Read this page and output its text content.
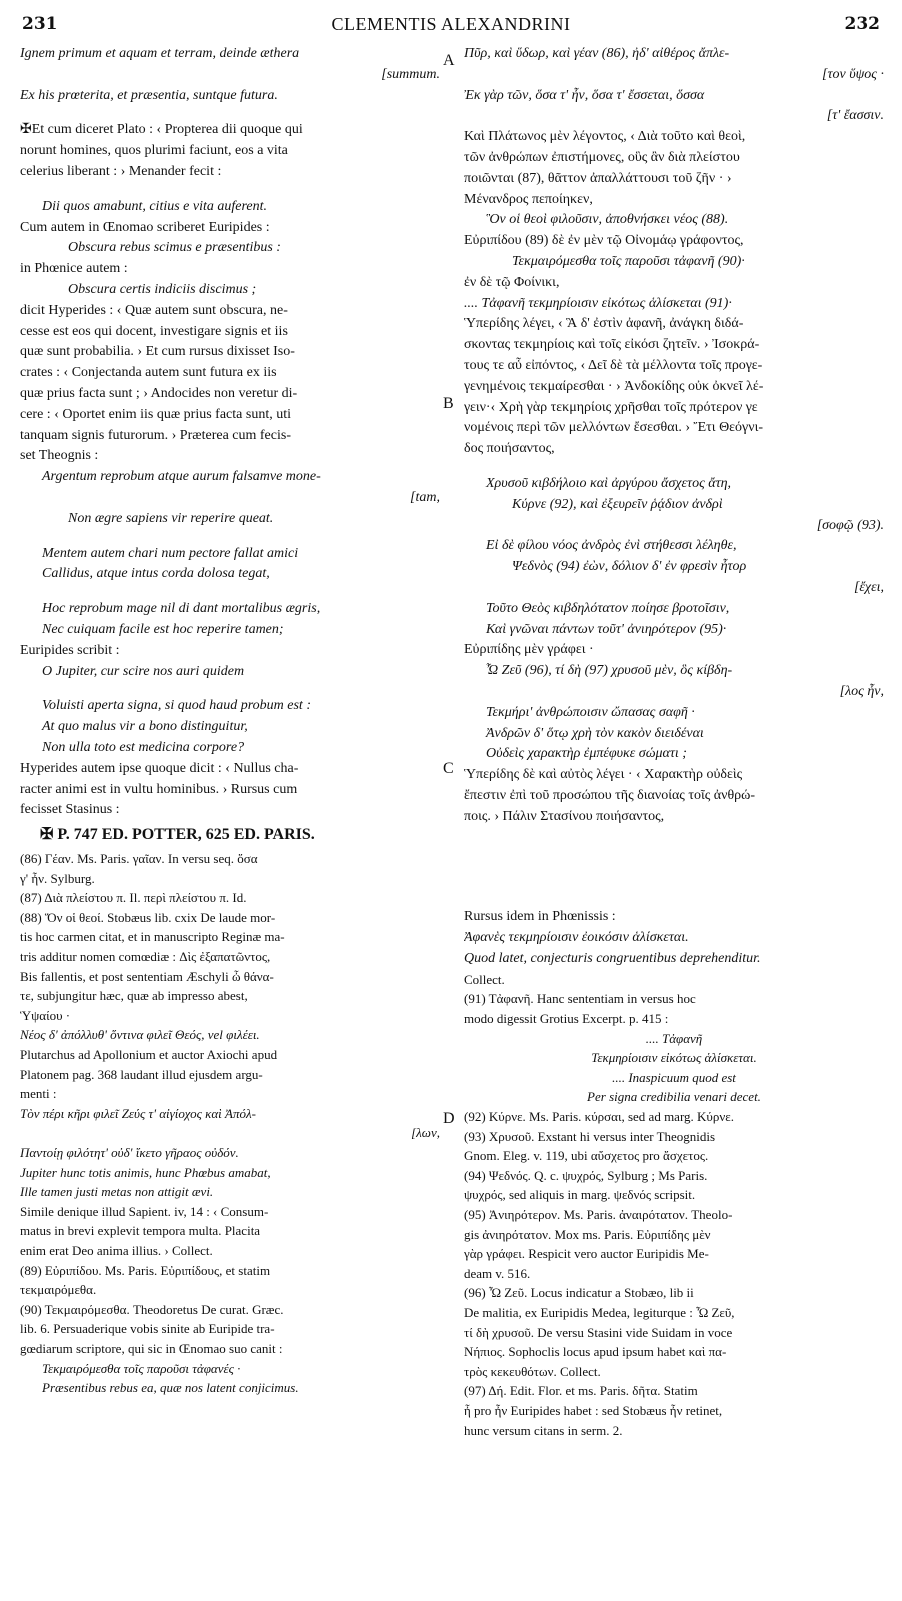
231	CLEMENTIS ALEXANDRINI	232
A
B
C
D
Ignem primum et aquam et terram, deinde æthera
[summum.
Ex his prœterita, et præsentia, suntque futura.
✠Et cum diceret Plato : ‹ Propterea dii quoque qui
norunt homines, quos plurimi faciunt, eos a vita
celerius liberant : › Menander fecit :
Dii quos amabunt, citius e vita auferent.
Cum autem in Œnomao scriberet Euripides :
Obscura rebus scimus e præsentibus :
in Phœnice autem :
Obscura certis indiciis discimus ;
dicit Hyperides : ‹ Quæ autem sunt obscura, ne-
cesse est eos qui docent, investigare signis et iis
quæ sunt probabilia. › Et cum rursus dixisset Iso-
crates : ‹ Conjectanda autem sunt futura ex iis
quæ prius facta sunt ; › Andocides non veretur di-
cere : ‹ Oportet enim iis quæ prius facta sunt, uti
tanquam signis futurorum. › Præterea cum fecis-
set Theognis :
Argentum reprobum atque aurum falsamve mone-
[tam,
Non ægre sapiens vir reperire queat.
Mentem autem chari num pectore fallat amici
Callidus, atque intus corda dolosa tegat,
Hoc reprobum mage nil di dant mortalibus ægris,
Nec cuiquam facile est hoc reperire tamen;
Euripides scribit :
O Jupiter, cur scire nos auri quidem
Voluisti aperta signa, si quod haud probum est :
At quo malus vir a bono distinguitur,
Non ulla toto est medicina corpore?
Hyperides autem ipse quoque dicit : ‹ Nullus cha-
racter animi est in vultu hominibus. › Rursus cum
fecisset Stasinus :
✠ P. 747 ED. POTTER, 625 ED. PARIS.
(86) Γέαν. Ms. Paris. γαῖαν. In versu seq. ὅσα
γ' ἦν. Sylburg.
(87) Διὰ πλείστου π. Il. περὶ πλείστου π. Id.
(88) Ὅν οἱ θεοί. Stobæus lib. cxix De laude mor-
tis hoc carmen citat, et in manuscripto Reginæ ma-
tris additur nomen comœdiæ : Δὶς ἐξαπατῶντος,
Bis fallentis, et post sententiam Æschyli ὦ θάνα-
τε, subjungitur hæc, quæ ab impresso abest,
Ὑψαίου ·
Νέος δ' ἀπόλλυθ' ὅντινα φιλεῖ Θεός, vel φιλέει.
Plutarchus ad Apollonium et auctor Axiochi apud
Platonem pag. 368 laudant illud ejusdem argu-
menti :
Τὸν πέρι κῆρι φιλεῖ Ζεύς τ' αἰγίοχος καὶ Ἀπόλ-
[λων,
Παντοίῃ φιλότητ' οὐδ' ἵκετο γῆραος οὐδόν.
Jupiter hunc totis animis, hunc Phœbus amabat,
Ille tamen justi metas non attigit ævi.
Simile denique illud Sapient. iv, 14 : ‹ Consum-
matus in brevi explevit tempora multa. Placita
enim erat Deo anima illius. › Collect.
(89) Εὐριπίδου. Ms. Paris. Εὐριπίδους, et statim
τεκμαιρόμεθα.
(90) Τεκμαιρόμεσθα. Theodoretus De curat. Græc.
lib. 6. Persuaderique vobis sinite ab Euripide tra-
gœdiarum scriptore, qui sic in Œnomao suo canit :
Τεκμαιρόμεσθα τοῖς παροῦσι τἀφανές ·
Præsentibus rebus ea, quæ nos latent conjicimus.
Πῦρ, καὶ ὕδωρ, καὶ γέαν (86), ἠδ' αἰθέρος ἄπλε-
[τον ὕψος ·
Ἐκ γὰρ τῶν, ὅσα τ' ἦν, ὅσα τ' ἔσσεται, ὅσσα
[τ' ἔασσιν.
Καὶ Πλάτωνος μὲν λέγοντος, ‹ Διὰ τοῦτο καὶ θεοὶ,
τῶν ἀνθρώπων ἐπιστήμονες, οὓς ἂν διὰ πλείστου
ποιῶνται (87), θᾶττον ἀπαλλάττουσι τοῦ ζῆν · ›
Μένανδρος πεποίηκεν,
Ὃν οἱ θεοὶ φιλοῦσιν, ἀποθνήσκει νέος (88).
Εὐριπίδου (89) δὲ ἐν μὲν τῷ Οἰνομάῳ γράφοντος,
Τεκμαιρόμεσθα τοῖς παροῦσι τἀφανῆ (90)·
ἐν δὲ τῷ Φοίνικι,
.... Τἀφανῆ τεκμηρίοισιν εἰκότως ἁλίσκεται (91)·
Ὑπερίδης λέγει, ‹ Ἃ δ' ἐστὶν ἀφανῆ, ἀνάγκη διδά-
σκοντας τεκμηρίοις καὶ τοῖς εἰκόσι ζητεῖν. › Ἰσοκρά-
τους τε αὖ εἰπόντος, ‹ Δεῖ δὲ τὰ μέλλοντα τοῖς προγε-
γενημένοις τεκμαίρεσθαι · › Ἀνδοκίδης οὐκ ὀκνεῖ λέ-
γειν·‹ Χρὴ γὰρ τεκμηρίοις χρῆσθαι τοῖς πρότερον γε
νομένοις περὶ τῶν μελλόντων ἔσεσθαι. › Ἔτι Θεόγνι-
δος ποιήσαντος,
Χρυσοῦ κιβδήλοιο καὶ ἀργύρου ἄσχετος ἄτη,
Κύρνε (92), καὶ ἐξευρεῖν ῥᾴδιον ἀνδρὶ
[σοφῷ (93).
Εἰ δὲ φίλου νόος ἀνδρὸς ἐνὶ στήθεσσι λέληθε,
Ψεδνὸς (94) ἐὼν, δόλιον δ' ἐν φρεσὶν ἦτορ
[ἔχει,
Τοῦτο Θεὸς κιβδηλότατον ποίησε βροτοῖσιν,
Καὶ γνῶναι πάντων τοῦτ' ἀνιηρότερον (95)·
Εὐριπίδης μὲν γράφει ·
Ὦ Ζεῦ (96), τί δὴ (97) χρυσοῦ μὲν, ὃς κίβδη-
[λος ἦν,
Τεκμήρι' ἀνθρώποισιν ὤπασας σαφῆ ·
Ἀνδρῶν δ' ὅτῳ χρὴ τὸν κακὸν διειδέναι
Οὐδεὶς χαρακτὴρ ἐμπέφυκε σώματι ;
Ὑπερίδης δὲ καὶ αὐτὸς λέγει · ‹ Χαρακτὴρ οὐδεὶς
ἔπεστιν ἐπὶ τοῦ προσώπου τῆς διανοίας τοῖς ἀνθρώ-
ποις. › Πάλιν Στασίνου ποιήσαντος,
Rursus idem in Phœnissis :
Ἀφανὲς τεκμηρίοισιν ἐοικόσιν ἁλίσκεται.
Quod latet, conjecturis congruentibus deprehenditur.
Collect.
(91) Τἀφανῆ. Hanc sententiam in versus hoc
modo digessit Grotius Excerpt. p. 415 :
.... Τἀφανῆ
Τεκμηρίοισιν εἰκότως ἁλίσκεται.
.... Inaspicuum quod est
Per signa credibilia venari decet.
(92) Κύρνε. Ms. Paris. κύρσαι, sed ad marg. Κύρνε.
(93) Χρυσοῦ. Exstant hi versus inter Theognidis
Gnom. Eleg. v. 119, ubi αὔσχετος pro ἄσχετος.
(94) Ψεδνός. Q. c. ψυχρός, Sylburg ; Ms Paris.
ψυχρός, sed aliquis in marg. ψεδνός scripsit.
(95) Ἀνιηρότερον. Ms. Paris. ἀναιρότατον. Theolo-
gis ἀνιηρότατον. Mox ms. Paris. Εὐριπίδης μὲν
γὰρ γράφει. Respicit vero auctor Euripidis Me-
deam v. 516.
(96) Ὦ Ζεῦ. Locus indicatur a Stobæo, lib ii
De malitia, ex Euripidis Medea, legiturque : Ὦ Ζεῦ,
τί δὴ χρυσοῦ. De versu Stasini vide Suidam in voce
Νήπιος. Sophoclis locus apud ipsum habet καὶ πα-
τρὸς κεκευθότων. Collect.
(97) Δή. Edit. Flor. et ms. Paris. δῆτα. Statim
ἦ pro ἦν Euripides habet : sed Stobæus ἦν retinet,
hunc versum citans in serm. 2.
